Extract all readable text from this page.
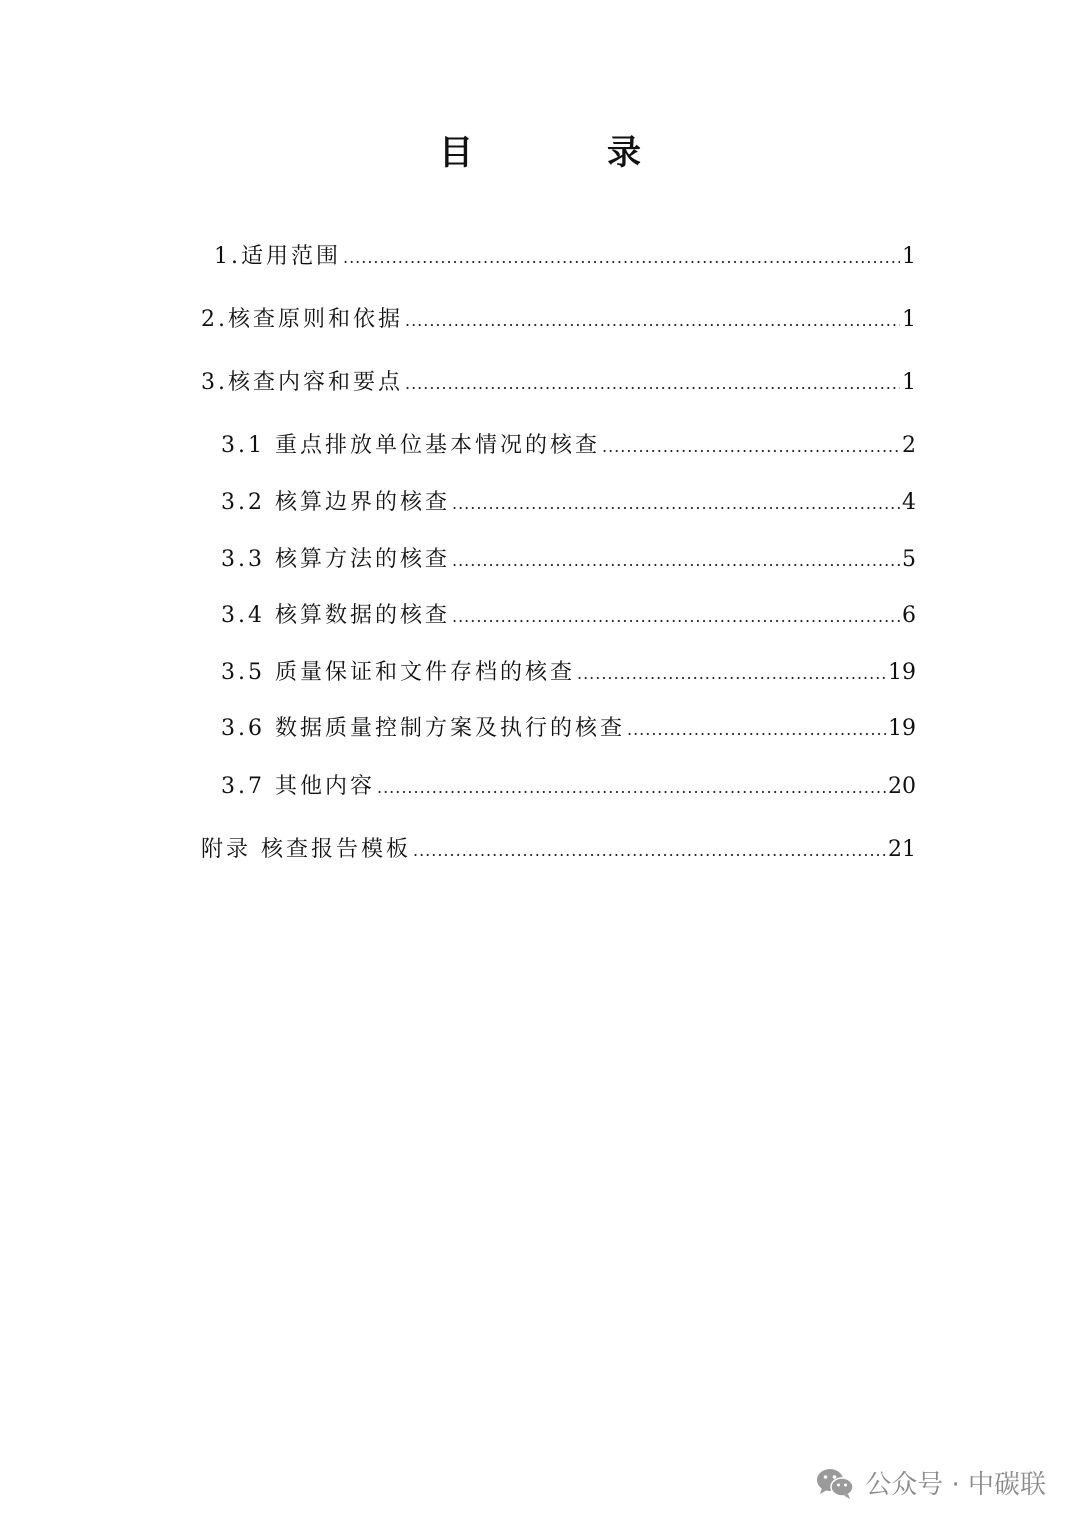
目　录
1.适用范围 .....	1
2.核查原则和依据 .....	1
3.核查内容和要点 .....	1
3.1 重点排放单位基本情况的核查 .....	2
3.2 核算边界的核查 .....	4
3.3 核算方法的核查 .....	5
3.4 核算数据的核查 .....	6
3.5 质量保证和文件存档的核查 .....	19
3.6 数据质量控制方案及执行的核查 .....	19
3.7 其他内容 .....	20
附录 核查报告模板 .....	21
公众号 · 中碳联
